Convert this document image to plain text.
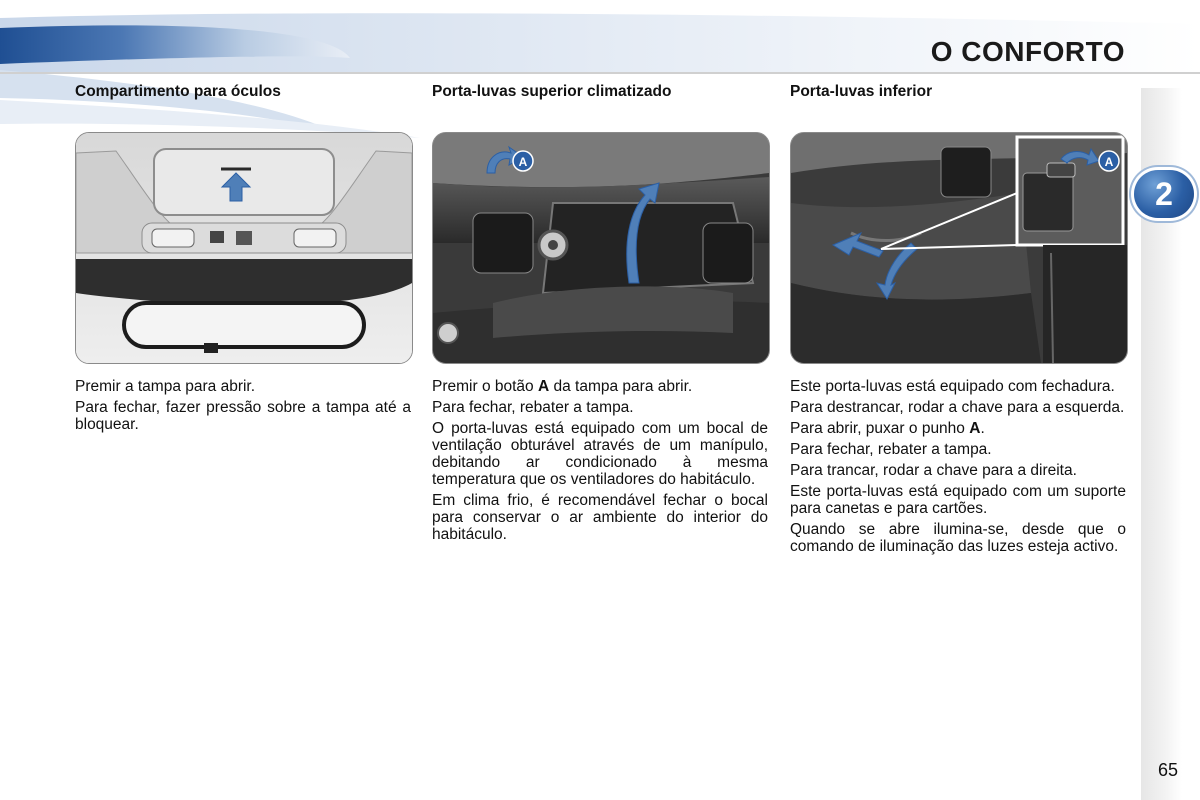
O CONFORTO
2
Compartimento para óculos

Premir a tampa para abrir.

Para fechar, fazer pressão sobre a tampa até a bloquear.

Porta-luvas superior climatizado
A

Premir o botão A da tampa para abrir.

Para fechar, rebater a tampa.

O porta-luvas está equipado com um bocal de ventilação obturável através de um manípulo, debitando ar condicionado à mesma temperatura que os ventiladores do habitáculo.

Em clima frio, é recomendável fechar o bocal para conservar o ar ambiente do interior do habitáculo.

Porta-luvas inferior
A

Este porta-luvas está equipado com fechadura.

Para destrancar, rodar a chave para a esquerda.

Para abrir, puxar o punho A.

Para fechar, rebater a tampa.

Para trancar, rodar a chave para a direita.

Este porta-luvas está equipado com um suporte para canetas e para cartões.

Quando se abre ilumina-se, desde que o comando de iluminação das luzes esteja activo.

65
